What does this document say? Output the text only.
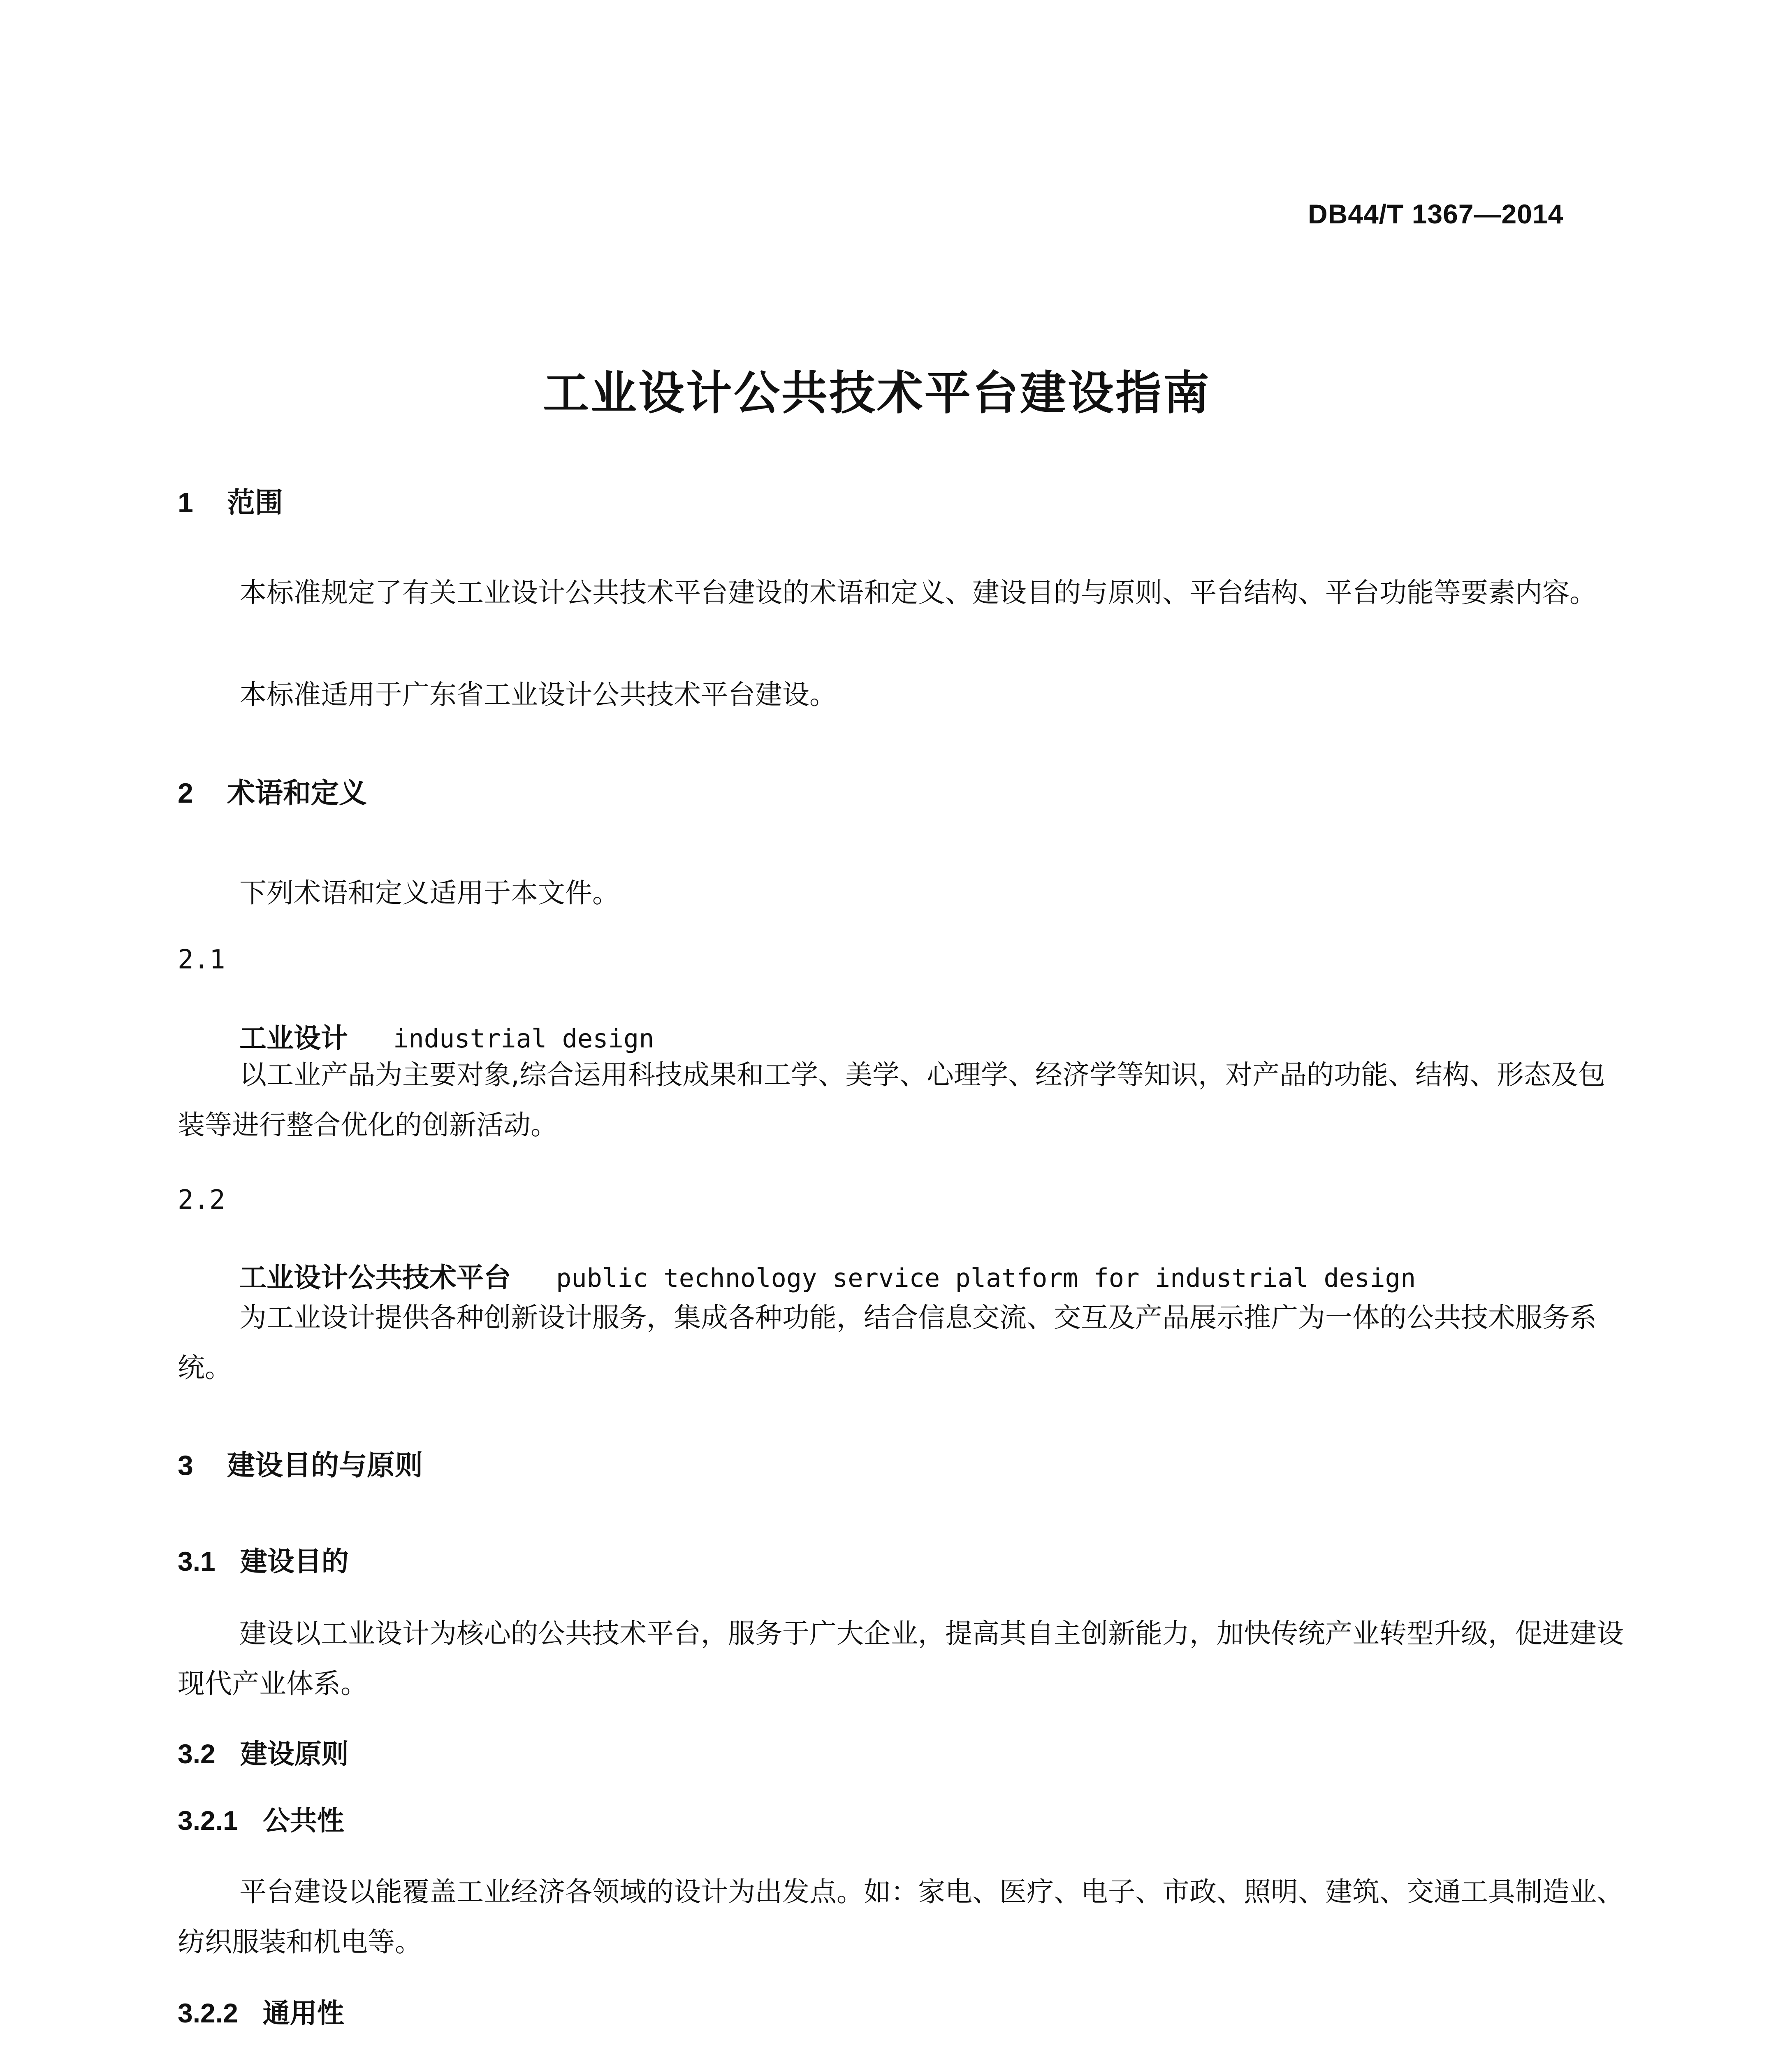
DB44/T 1367—2014
工业设计公共技术平台建设指南
1 范围
本标准规定了有关工业设计公共技术平台建设的术语和定义、建设目的与原则、平台结构、平台功能等要素内容。
本标准适用于广东省工业设计公共技术平台建设。
2 术语和定义
下列术语和定义适用于本文件。
2.1
工业设计 industrial design
以工业产品为主要对象,综合运用科技成果和工学、美学、心理学、经济学等知识，对产品的功能、结构、形态及包装等进行整合优化的创新活动。
2.2
工业设计公共技术平台 public technology service platform for industrial design
为工业设计提供各种创新设计服务，集成各种功能，结合信息交流、交互及产品展示推广为一体的公共技术服务系统。
3 建设目的与原则
3.1 建设目的
建设以工业设计为核心的公共技术平台，服务于广大企业，提高其自主创新能力，加快传统产业转型升级，促进建设现代产业体系。
3.2 建设原则
3.2.1 公共性
平台建设以能覆盖工业经济各领域的设计为出发点。如：家电、医疗、电子、市政、照明、建筑、交通工具制造业、纺织服装和机电等。
3.2.2 通用性
